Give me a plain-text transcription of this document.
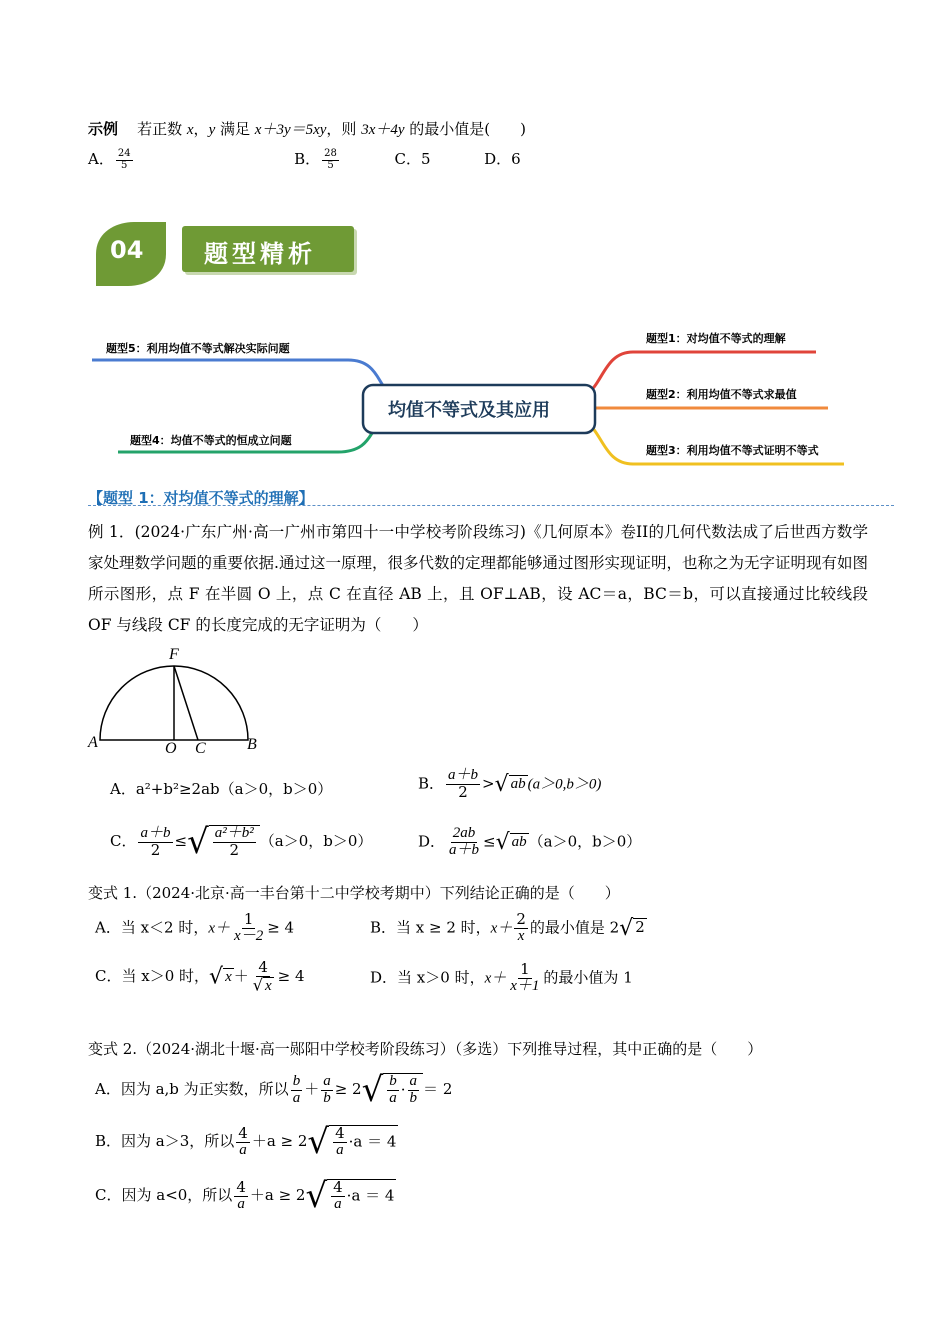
示例 若正数 x，y 满足 x＋3y＝5xy，则 3x＋4y 的最小值是(　　)
A． $\frac{24}{5}$	B． $\frac{28}{5}$	C．5	D．6
04	题型精析
均值不等式及其应用
题型5：利用均值不等式解决实际问题
题型4：均值不等式的恒成立问题
题型1：对均值不等式的理解
题型2：利用均值不等式求最值
题型3：利用均值不等式证明不等式
【题型 1：对均值不等式的理解】
例 1．(2024·广东广州·高一广州市第四十一中学校考阶段练习)《几何原本》卷II的几何代数法成了后世西方数学家处理数学问题的重要依据.通过这一原理，很多代数的定理都能够通过图形实现证明，也称之为无字证明现有如图所示图形，点 F 在半圆 O 上，点 C 在直径 AB 上，且 OF⊥AB，设 AC＝a，BC＝b，可以直接通过比较线段 OF 与线段 CF 的长度完成的无字证明为（　　）
F
A	O C	B
A．a²+b²≥2ab（a＞0，b＞0）	B． $\frac{a+b}{2}$ >√ ab (a＞0,b＞0)
C． $\frac{a+b}{2}$ ≤√ $\frac{\text{a²＋b²}}{2} (a>0$，b＞0）	D． $\frac{2ab}{a+b}$ ≤√ ab （a＞0，b＞0）
变式 1.（2024·北京·高一丰台第十二中学校考期中）下列结论正确的是（　　）
A．当 x＜2 时，$x+ \frac{1}{x-2} \ge 4$	B．当 x ≥ 2 时，$x+ \frac{2}{x}$ 的最小值是 2√ 2
C．当 x＞0 时，√ $x + \frac{4}{√ x} \ge 4$	D．当 x＞0 时，$x+ \frac{1}{x+1}$ 的最小值为 1
变式 2.（2024·湖北十堰·高一郧阳中学校考阶段练习）（多选）下列推导过程，其中正确的是（　　）
A．因为 a,b 为正实数，所以 $\frac{b}{a} + \frac{a}{b} \ge 2√ \frac{b}{a} \cdot \frac{a}{b} = 2$
B．因为 a＞3，所以 $\frac{4}{a} +a \ge 2√ \frac{4}{a} \cdot a = 4$
C．因为 a<0，所以 $\frac{4}{a} +a \ge 2√ \frac{4}{a} \cdot a = 4$
